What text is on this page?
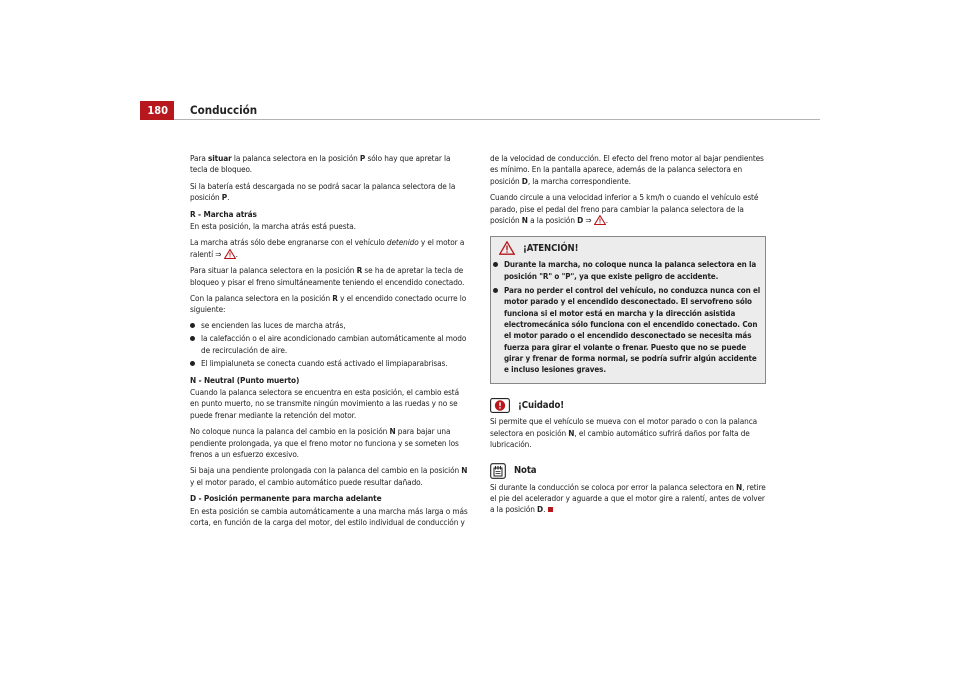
180	Conducción

Para situar la palanca selectora en la posición P sólo hay que apretar la tecla de bloqueo.

Si la batería está descargada no se podrá sacar la palanca selectora de la posición P.

R - Marcha atrás

En esta posición, la marcha atrás está puesta.

La marcha atrás sólo debe engranarse con el vehículo detenido y el motor a ralentí ⇒ .

Para situar la palanca selectora en la posición R se ha de apretar la tecla de bloqueo y pisar el freno simultáneamente teniendo el encendido conectado.

Con la palanca selectora en la posición R y el encendido conectado ocurre lo siguiente:

se encienden las luces de marcha atrás,
la calefacción o el aire acondicionado cambian automáticamente al modo de recirculación de aire.
El limpialuneta se conecta cuando está activado el limpiaparabrisas.

N - Neutral (Punto muerto)

Cuando la palanca selectora se encuentra en esta posición, el cambio está en punto muerto, no se transmite ningún movimiento a las ruedas y no se puede frenar mediante la retención del motor.

No coloque nunca la palanca del cambio en la posición N para bajar una pendiente prolongada, ya que el freno motor no funciona y se someten los frenos a un esfuerzo excesivo.

Si baja una pendiente prolongada con la palanca del cambio en la posición N y el motor parado, el cambio automático puede resultar dañado.

D - Posición permanente para marcha adelante

En esta posición se cambia automáticamente a una marcha más larga o más corta, en función de la carga del motor, del estilo individual de conducción y

de la velocidad de conducción. El efecto del freno motor al bajar pendientes es mínimo. En la pantalla aparece, además de la palanca selectora en posición D, la marcha correspondiente.

Cuando circule a una velocidad inferior a 5 km/h o cuando el vehículo esté parado, pise el pedal del freno para cambiar la palanca selectora de la posición N a la posición D ⇒ .

¡ATENCIÓN!
Durante la marcha, no coloque nunca la palanca selectora en la posición "R" o "P", ya que existe peligro de accidente.
Para no perder el control del vehículo, no conduzca nunca con el motor parado y el encendido desconectado. El servofreno sólo funciona si el motor está en marcha y la dirección asistida electromecánica sólo funciona con el encendido conectado. Con el motor parado o el encendido desconectado se necesita más fuerza para girar el volante o frenar. Puesto que no se puede girar y frenar de forma normal, se podría sufrir algún accidente e incluso lesiones graves.
¡Cuidado!

Si permite que el vehículo se mueva con el motor parado o con la palanca selectora en posición N, el cambio automático sufrirá daños por falta de lubricación.

Nota

Si durante la conducción se coloca por error la palanca selectora en N, retire el pie del acelerador y aguarde a que el motor gire a ralentí, antes de volver a la posición D.
